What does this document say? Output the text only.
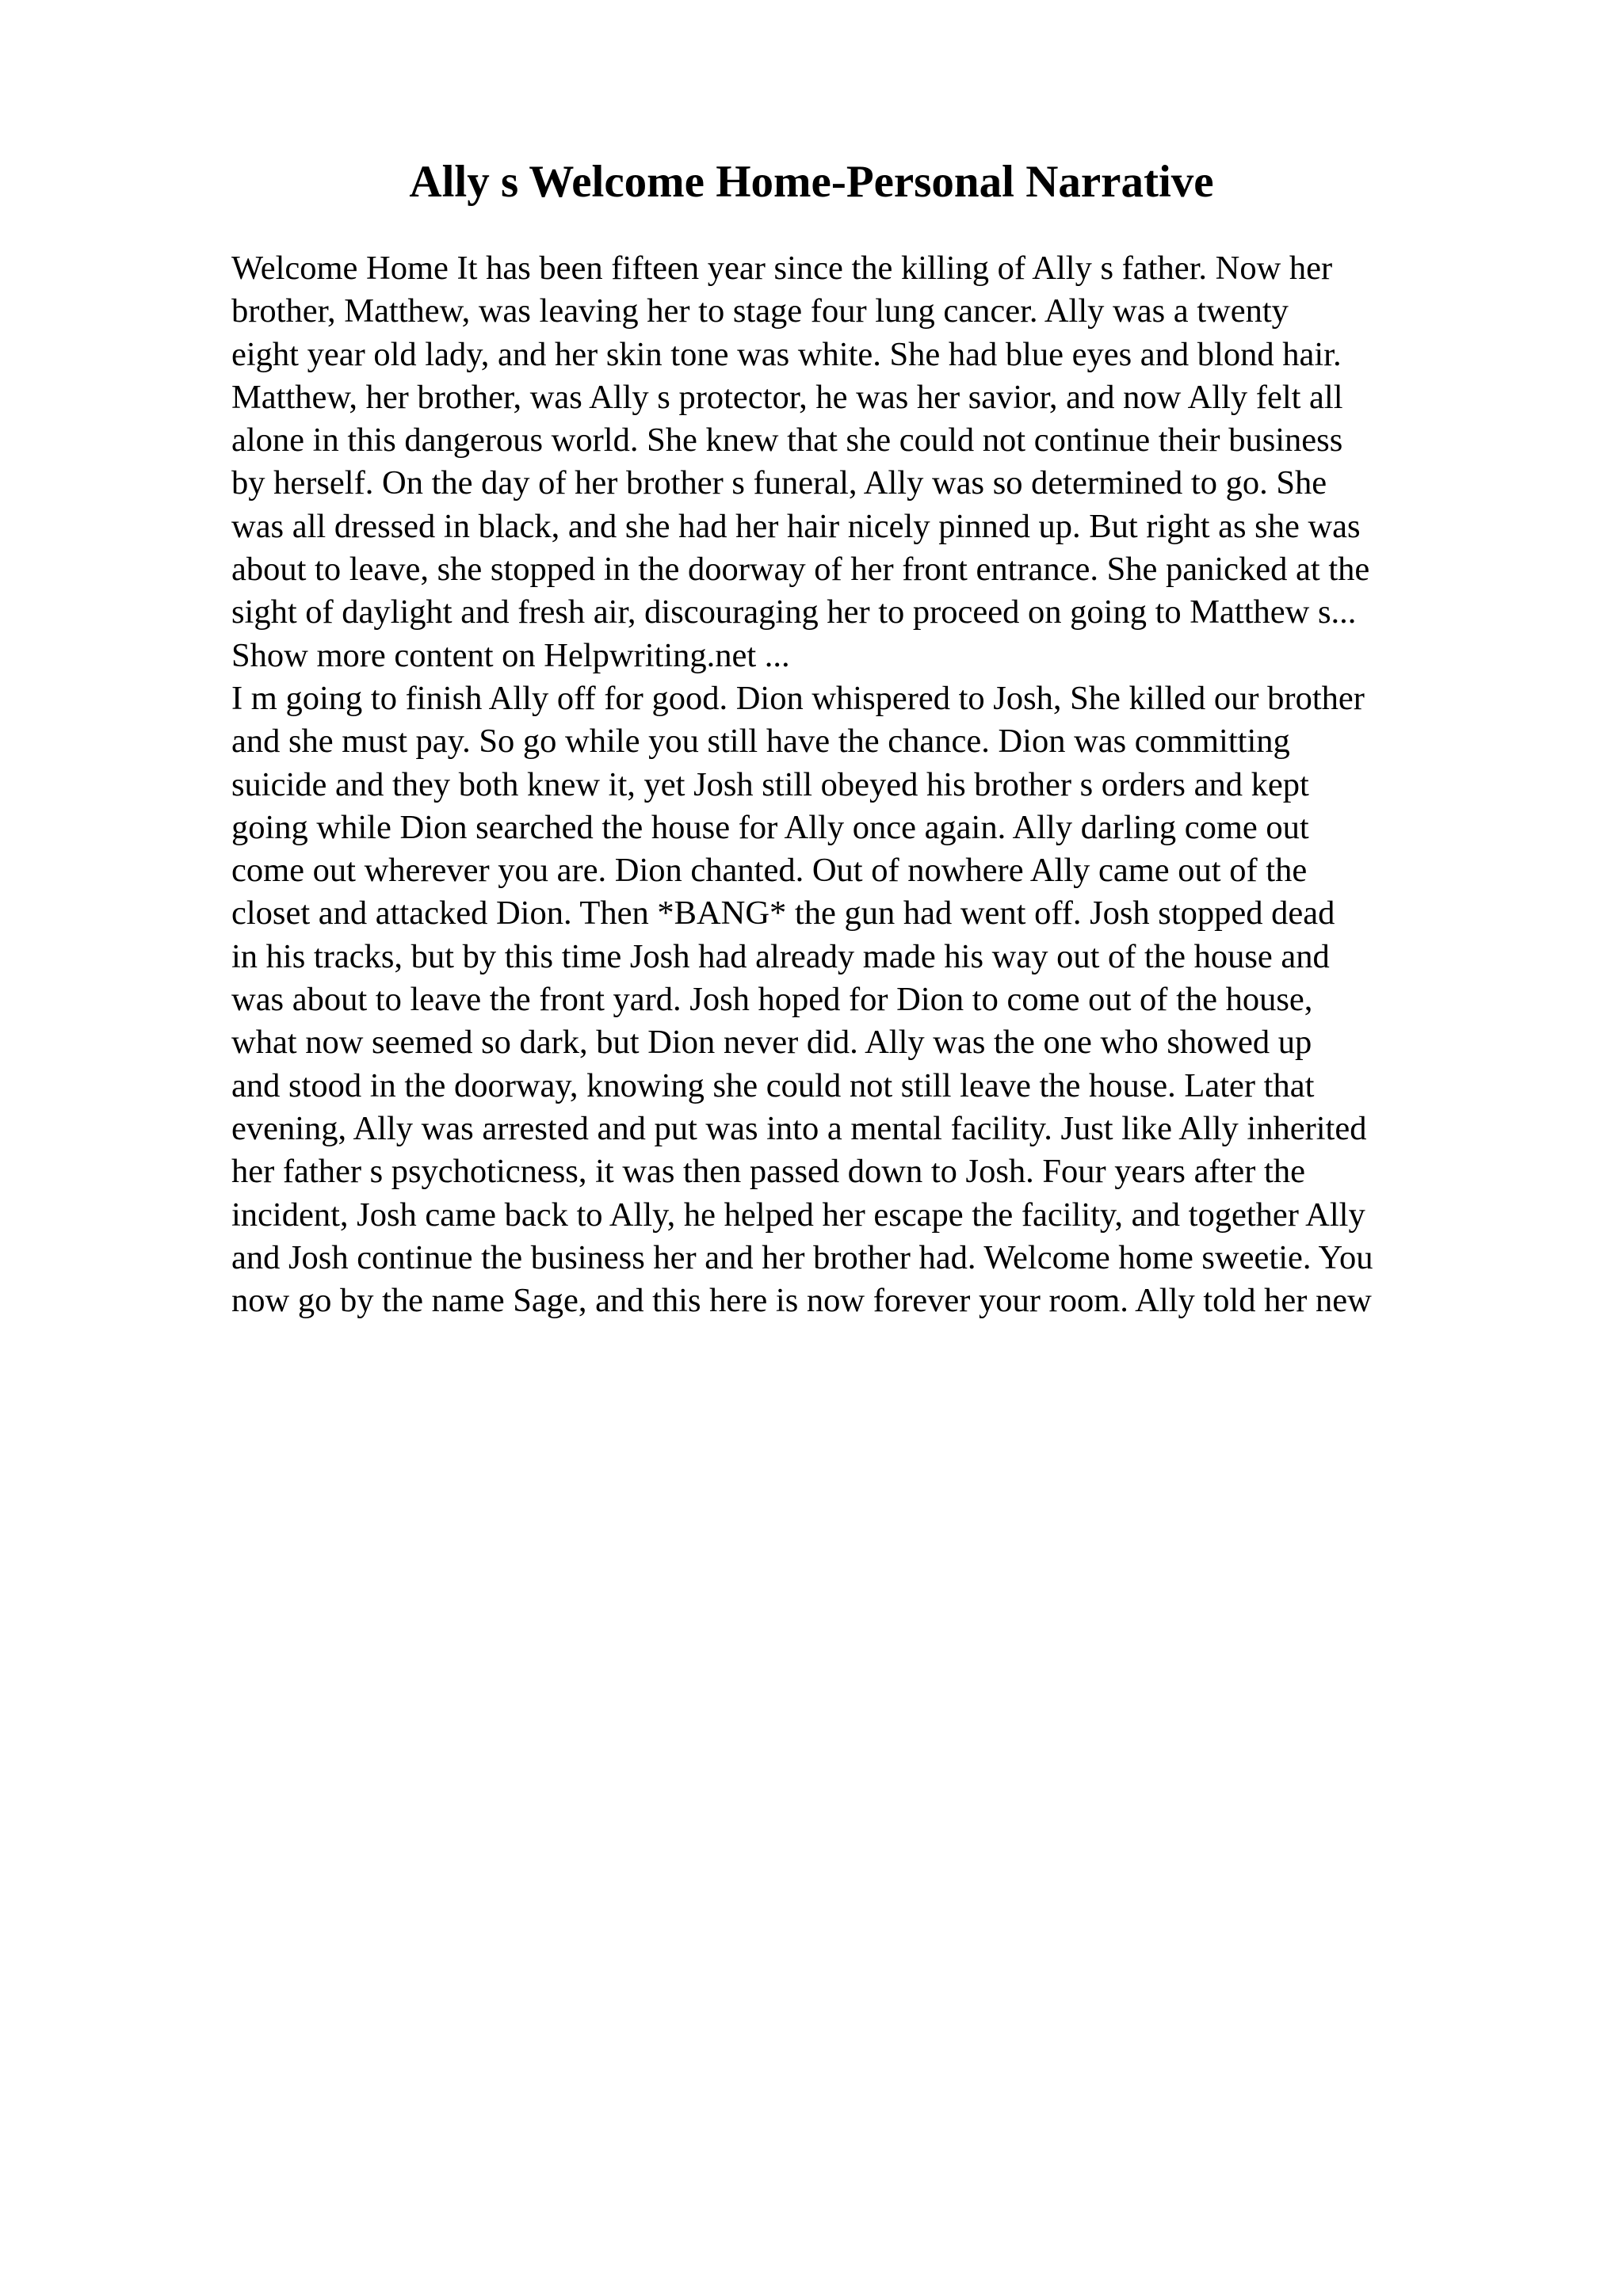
Ally s Welcome Home-Personal Narrative
Welcome Home It has been fifteen year since the killing of Ally s father. Now her
brother, Matthew, was leaving her to stage four lung cancer. Ally was a twenty
eight year old lady, and her skin tone was white. She had blue eyes and blond hair.
Matthew, her brother, was Ally s protector, he was her savior, and now Ally felt all
alone in this dangerous world. She knew that she could not continue their business
by herself. On the day of her brother s funeral, Ally was so determined to go. She
was all dressed in black, and she had her hair nicely pinned up. But right as she was
about to leave, she stopped in the doorway of her front entrance. She panicked at the
sight of daylight and fresh air, discouraging her to proceed on going to Matthew s...
Show more content on Helpwriting.net ...
I m going to finish Ally off for good. Dion whispered to Josh, She killed our brother
and she must pay. So go while you still have the chance. Dion was committing
suicide and they both knew it, yet Josh still obeyed his brother s orders and kept
going while Dion searched the house for Ally once again. Ally darling come out
come out wherever you are. Dion chanted. Out of nowhere Ally came out of the
closet and attacked Dion. Then *BANG* the gun had went off. Josh stopped dead
in his tracks, but by this time Josh had already made his way out of the house and
was about to leave the front yard. Josh hoped for Dion to come out of the house,
what now seemed so dark, but Dion never did. Ally was the one who showed up
and stood in the doorway, knowing she could not still leave the house. Later that
evening, Ally was arrested and put was into a mental facility. Just like Ally inherited
her father s psychoticness, it was then passed down to Josh. Four years after the
incident, Josh came back to Ally, he helped her escape the facility, and together Ally
and Josh continue the business her and her brother had. Welcome home sweetie. You
now go by the name Sage, and this here is now forever your room. Ally told her new
